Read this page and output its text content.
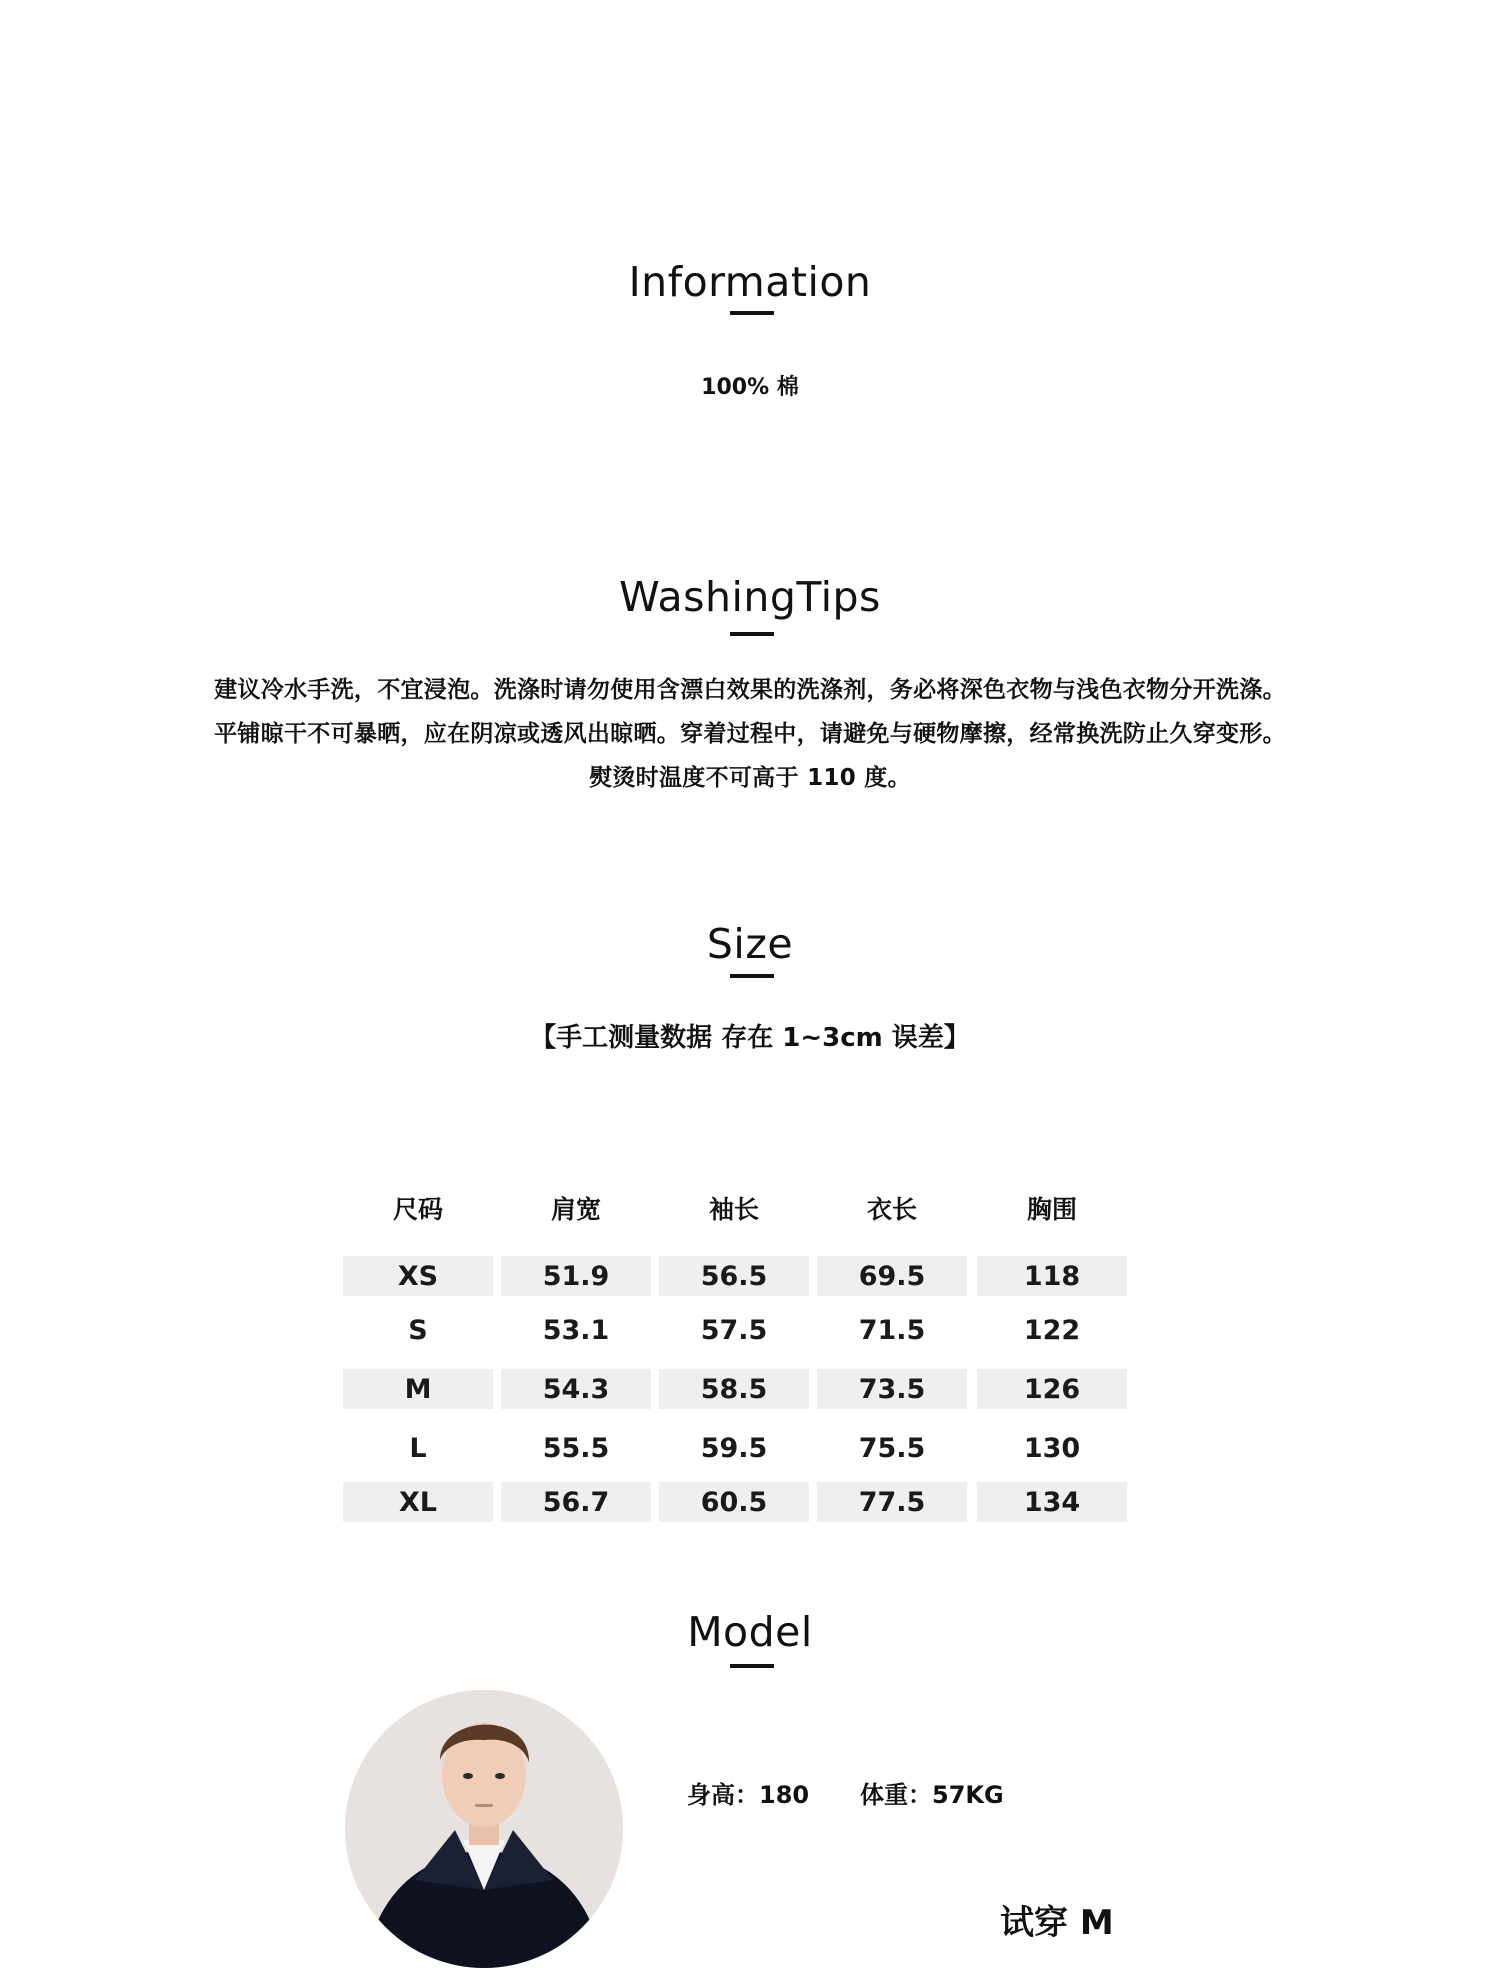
Information
100% 棉
WashingTips
建议冷水手洗，不宜浸泡。洗涤时请勿使用含漂白效果的洗涤剂，务必将深色衣物与浅色衣物分开洗涤。
平铺晾干不可暴晒，应在阴凉或透风出晾晒。穿着过程中，请避免与硬物摩擦，经常换洗防止久穿变形。
熨烫时温度不可高于 110 度。
Size
【手工测量数据 存在 1~3cm 误差】
尺码	肩宽	袖长	衣长	胸围
XS	51.9	56.5	69.5	118
S	53.1	57.5	71.5	122
M	54.3	58.5	73.5	126
L	55.5	59.5	75.5	130
XL	56.7	60.5	77.5	134
Model
身高：180 体重：57KG
试穿 M
